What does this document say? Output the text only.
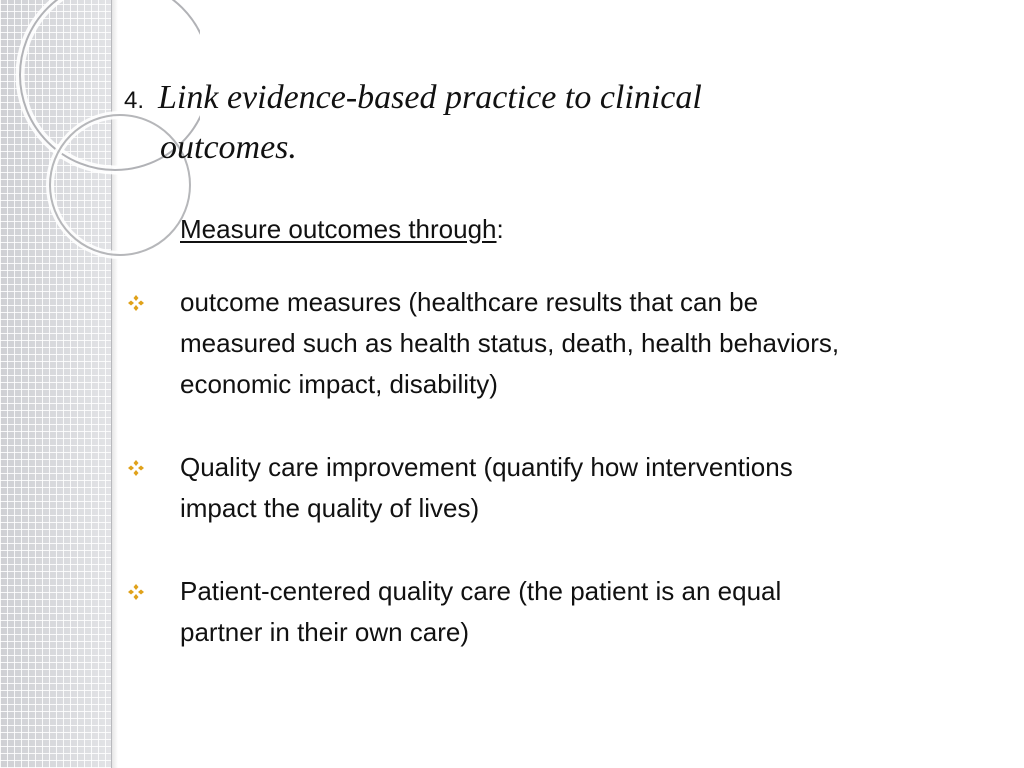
4. Link evidence-based practice to clinical
outcomes.
Measure outcomes through:
outcome measures (healthcare results that can be
measured such as health status, death, health behaviors,
economic impact, disability)
Quality care improvement (quantify how interventions
impact the quality of lives)
Patient-centered quality care (the patient is an equal
partner in their own care)
